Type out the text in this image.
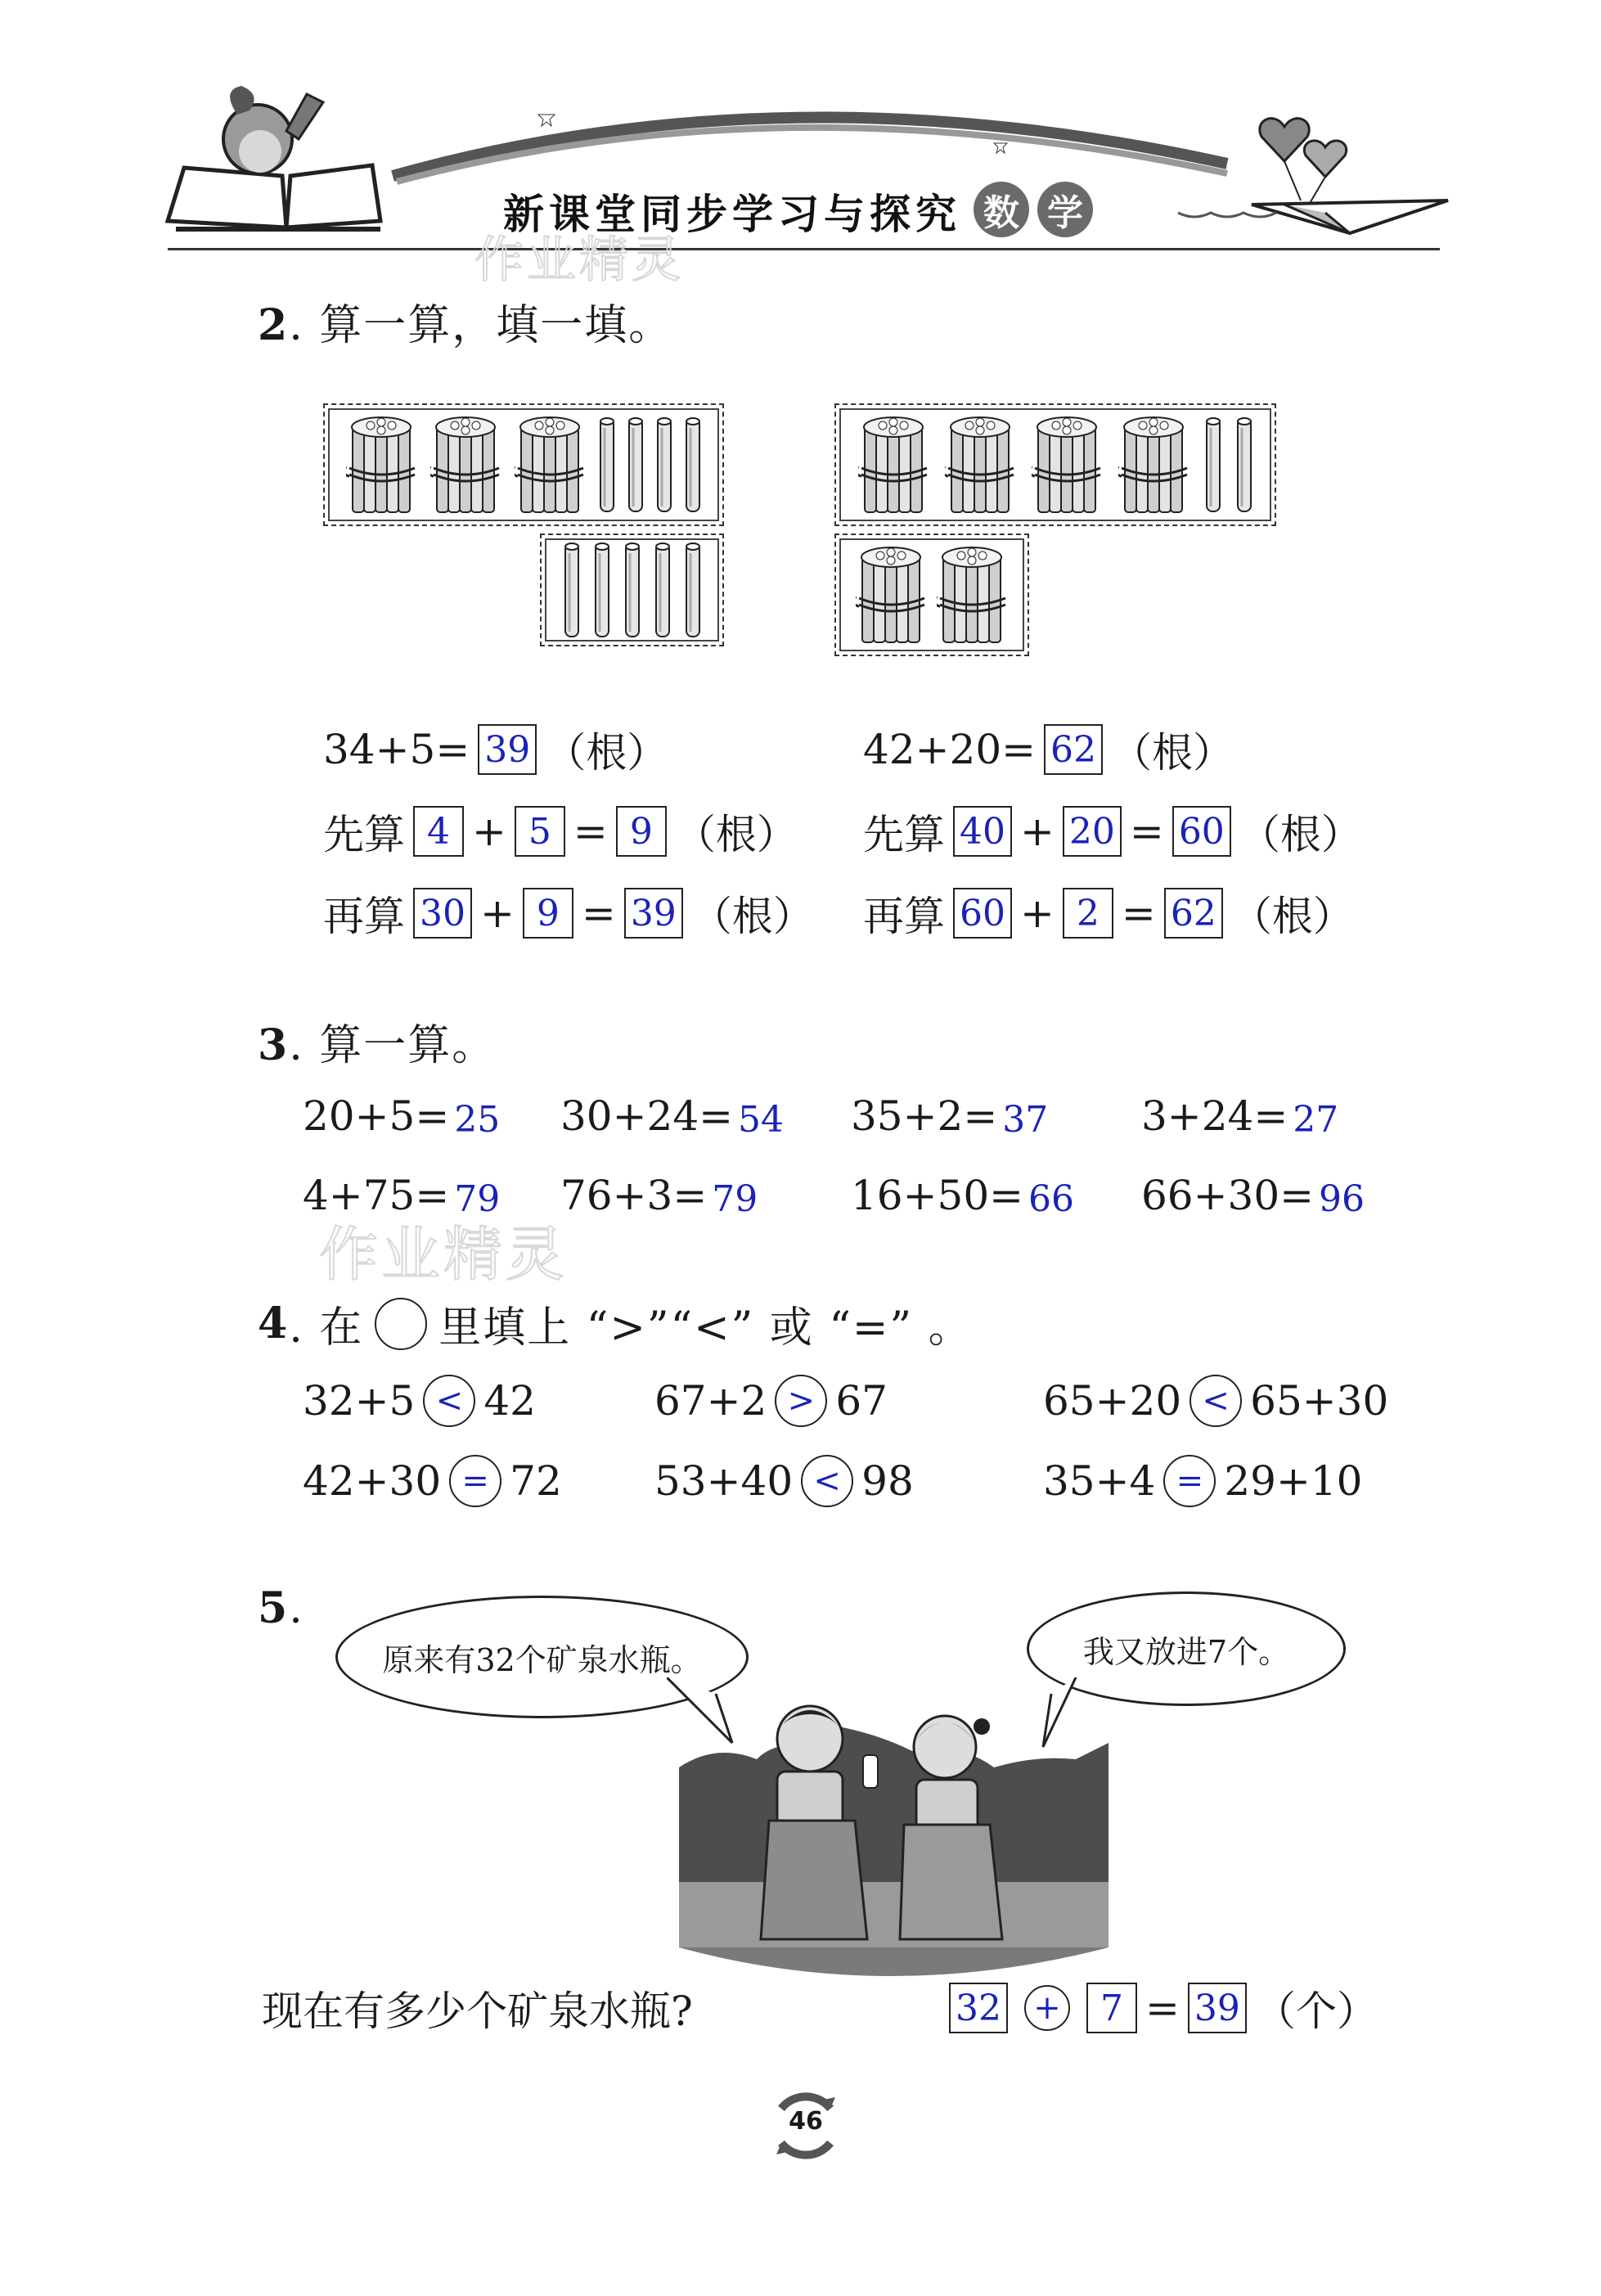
新课堂同步学习与探究 数 学
作业精灵
2. 算一算，填一填。
34+5= 39 （根）
先算 4 + 5 = 9 （根）
再算 30 + 9 = 39 （根）
42+20= 62 （根）
先算 40 + 20 = 60 （根）
再算 60 + 2 = 62 （根）
3. 算一算。
20+5= 25 30+24= 54 35+2= 37 3+24= 27
4+75= 79 76+3= 79 16+50= 66 66+30= 96
作业精灵
4 . 在 里填上 “>”“<” 或 “=” 。
32+5 < 42	67+2 > 67	65+20 < 65+30
42+30 = 72 53+40 < 98	35+4 = 29+10
5.
原来有32个矿泉水瓶。	我又放进7个。
现在有多少个矿泉水瓶?	32 +	7 = 39 （个）
46
